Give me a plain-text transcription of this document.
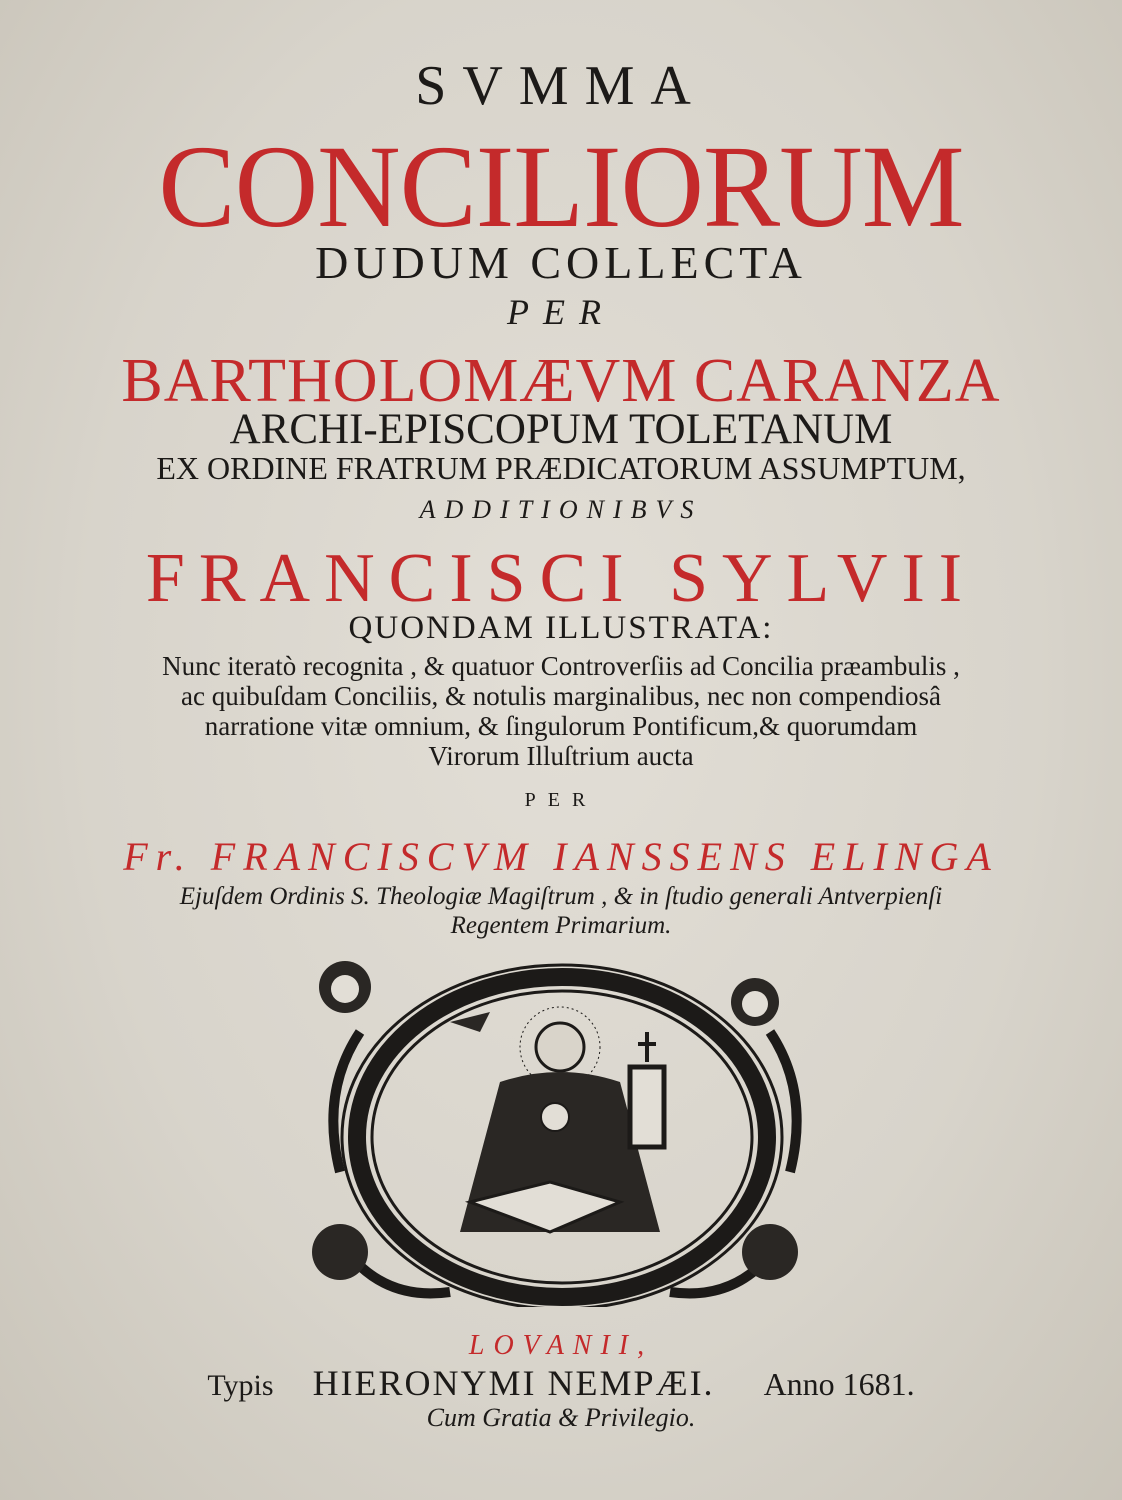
SVMMA
CONCILIORUM
DUDUM COLLECTA
PER
BARTHOLOMÆVM CARANZA
ARCHI-EPISCOPUM TOLETANUM
EX ORDINE FRATRUM PRÆDICATORUM ASSUMPTUM,
ADDITIONIBVS
FRANCISCI SYLVII
QUONDAM ILLUSTRATA:
Nunc iteratò recognita , & quatuor Controverſiis ad Concilia præambulis ,
ac quibuſdam Conciliis, & notulis marginalibus, nec non compendiosâ
narratione vitæ omnium, & ſingulorum Pontificum,& quorumdam
Virorum Illuſtrium aucta
PER
Fr. FRANCISCVM IANSSENS ELINGA
Ejuſdem Ordinis S. Theologiæ Magiſtrum , & in ſtudio generali Antverpienſi
Regentem Primarium.
LOVANII,
Typis HIERONYMI NEMPÆI. Anno 1681.
Cum Gratia & Privilegio.
